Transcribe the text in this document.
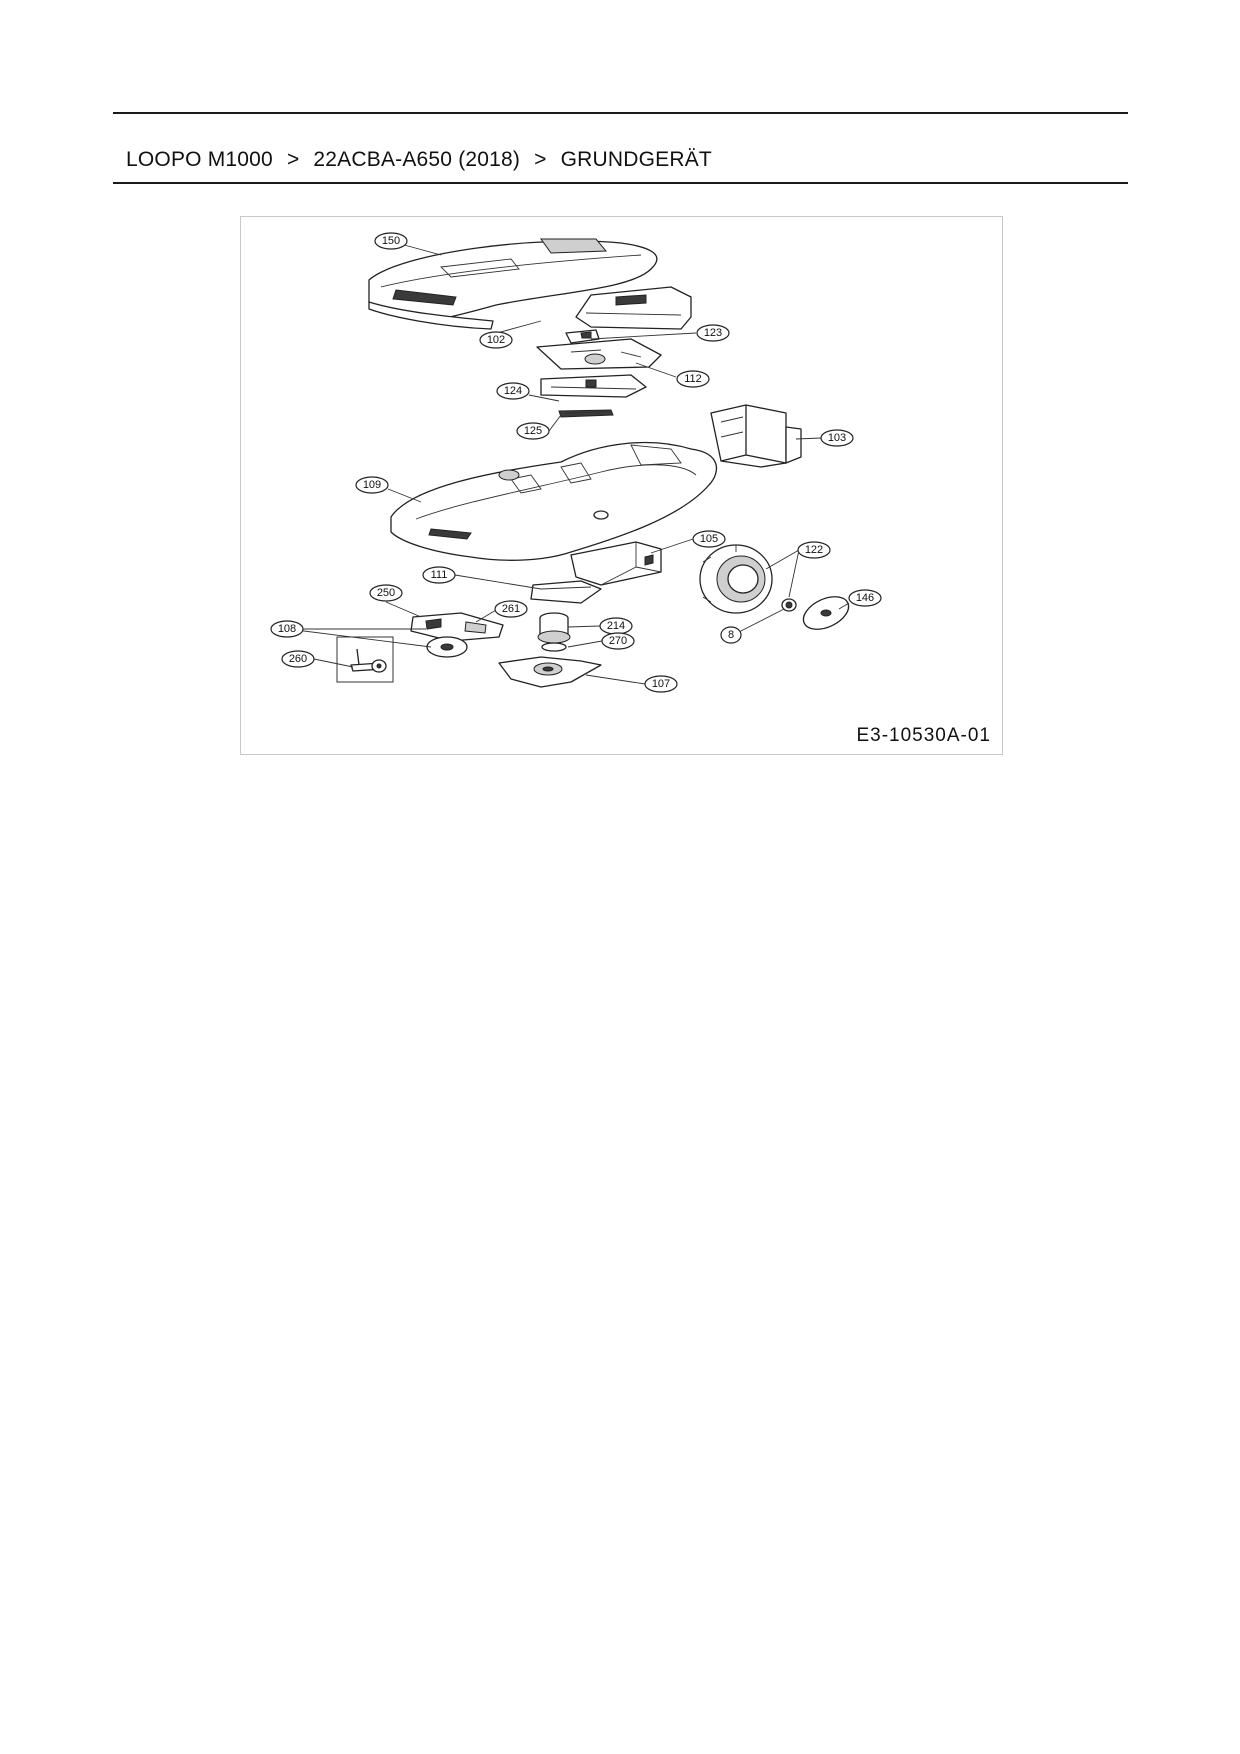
LOOPO M1000 > 22ACBA-A650 (2018) > GRUNDGERÄT
150
102
123
112
124
125
103
109
105
122
111
250
261
214
108
270	8
146
260
107
E3-10530A-01
